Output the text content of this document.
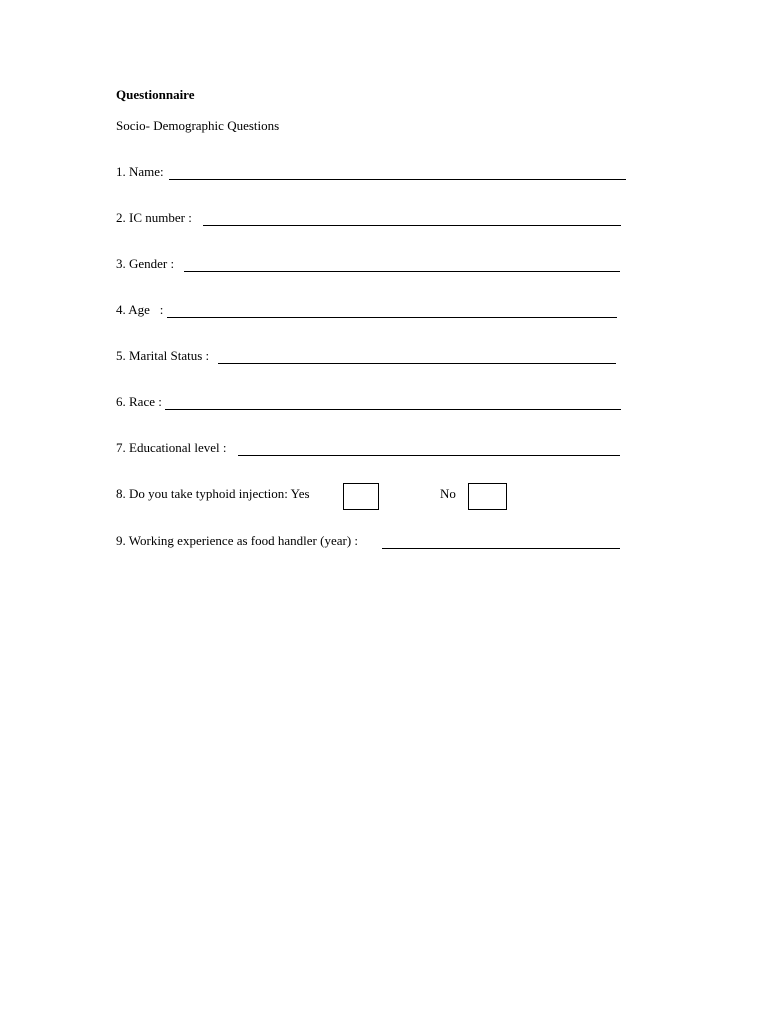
Questionnaire
Socio- Demographic Questions
1. Name:
2. IC number :
3. Gender :
4. Age   :
5. Marital Status :
6. Race :
7. Educational level :
8. Do you take typhoid injection: Yes	No
9. Working experience as food handler (year) :
